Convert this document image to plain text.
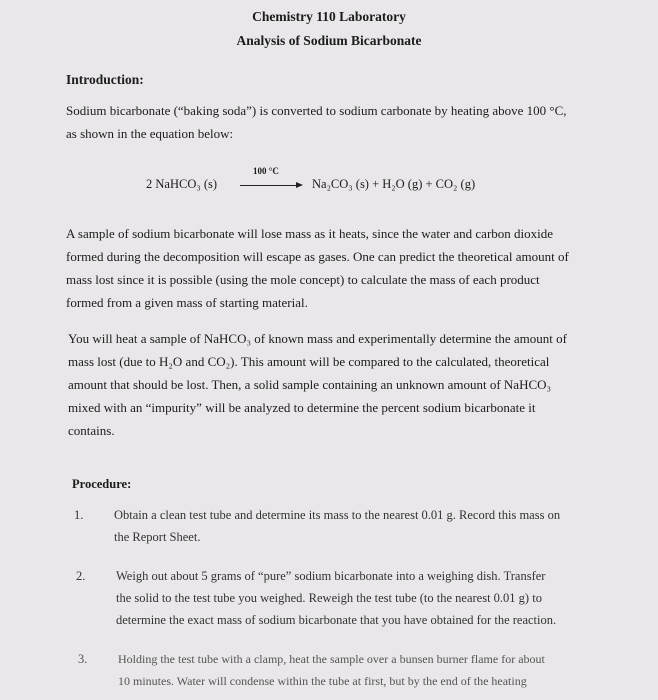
Chemistry 110 Laboratory
Analysis of Sodium Bicarbonate
Introduction:
Sodium bicarbonate (“baking soda”) is converted to sodium carbonate by heating above 100 °C,
as shown in the equation below:
2 NaHCO₃ (s)
100 °C
Na₂CO₃ (s) + H₂O (g) + CO₂ (g)
A sample of sodium bicarbonate will lose mass as it heats, since the water and carbon dioxide
formed during the decomposition will escape as gases. One can predict the theoretical amount of
mass lost since it is possible (using the mole concept) to calculate the mass of each product
formed from a given mass of starting material.
You will heat a sample of NaHCO₃ of known mass and experimentally determine the amount of
mass lost (due to H₂O and CO₂). This amount will be compared to the calculated, theoretical
amount that should be lost. Then, a solid sample containing an unknown amount of NaHCO₃
mixed with an “impurity” will be analyzed to determine the percent sodium bicarbonate it
contains.
Procedure:
1. Obtain a clean test tube and determine its mass to the nearest 0.01 g. Record this mass on
the Report Sheet.
2. Weigh out about 5 grams of “pure” sodium bicarbonate into a weighing dish. Transfer
the solid to the test tube you weighed. Reweigh the test tube (to the nearest 0.01 g) to
determine the exact mass of sodium bicarbonate that you have obtained for the reaction.
3.	Holding the test tube with a clamp, heat the sample over a bunsen burner flame for about
10 minutes. Water will condense within the tube at first, but by the end of the heating
